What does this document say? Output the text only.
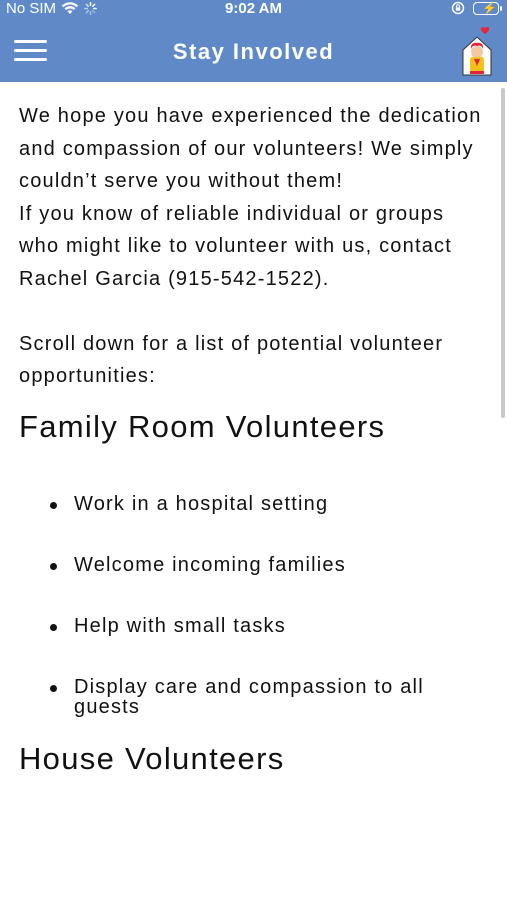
No SIM	9:02 AM	⚡
Stay Involved

We hope you have experienced the dedication and compassion of our volunteers! We simply couldn’t serve you without them!

If you know of reliable individual or groups who might like to volunteer with us, contact Rachel Garcia (915-542-1522).

Scroll down for a list of potential volunteer opportunities:

Family Room Volunteers
Work in a hospital setting
Welcome incoming families
Help with small tasks
Display care and compassion to all guests
House Volunteers
